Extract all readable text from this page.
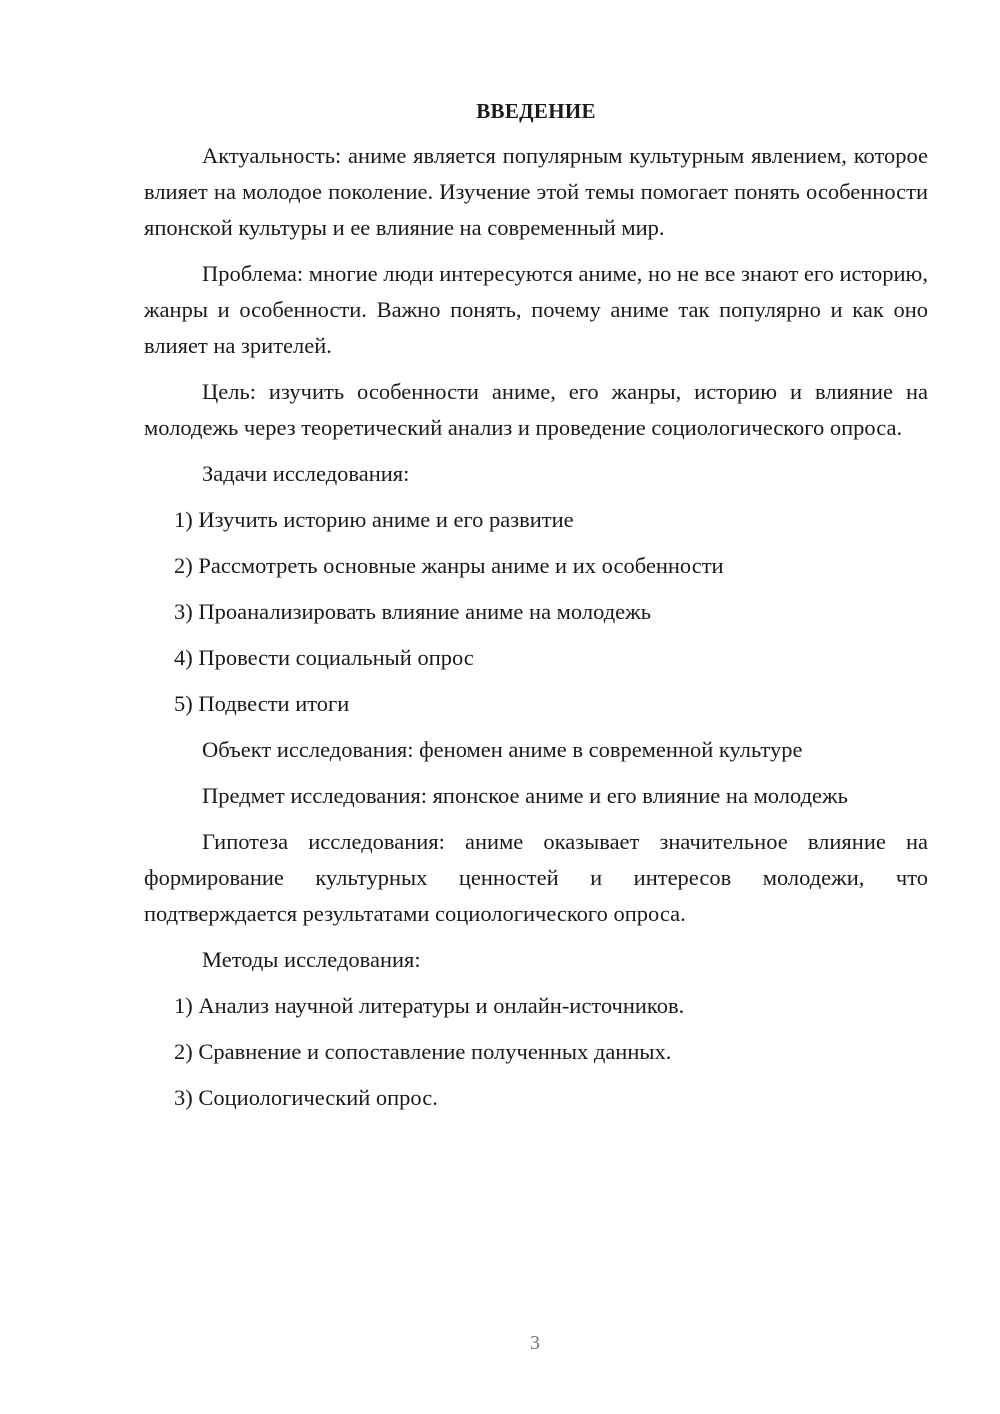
ВВЕДЕНИЕ

Актуальность: аниме является популярным культурным явлением, которое влияет на молодое поколение. Изучение этой темы помогает понять особенности японской культуры и ее влияние на современный мир.

Проблема: многие люди интересуются аниме, но не все знают его историю, жанры и особенности. Важно понять, почему аниме так популярно и как оно влияет на зрителей.

Цель: изучить особенности аниме, его жанры, историю и влияние на молодежь через теоретический анализ и проведение социологического опроса.

Задачи исследования:

1) Изучить историю аниме и его развитие

2) Рассмотреть основные жанры аниме и их особенности

3) Проанализировать влияние аниме на молодежь

4) Провести социальный опрос

5) Подвести итоги

Объект исследования: феномен аниме в современной культуре

Предмет исследования: японское аниме и его влияние на молодежь

Гипотеза исследования: аниме оказывает значительное влияние на формирование культурных ценностей и интересов молодежи, что подтверждается результатами социологического опроса.

Методы исследования:

1) Анализ научной литературы и онлайн-источников.

2) Сравнение и сопоставление полученных данных.

3) Социологический опрос.

3
